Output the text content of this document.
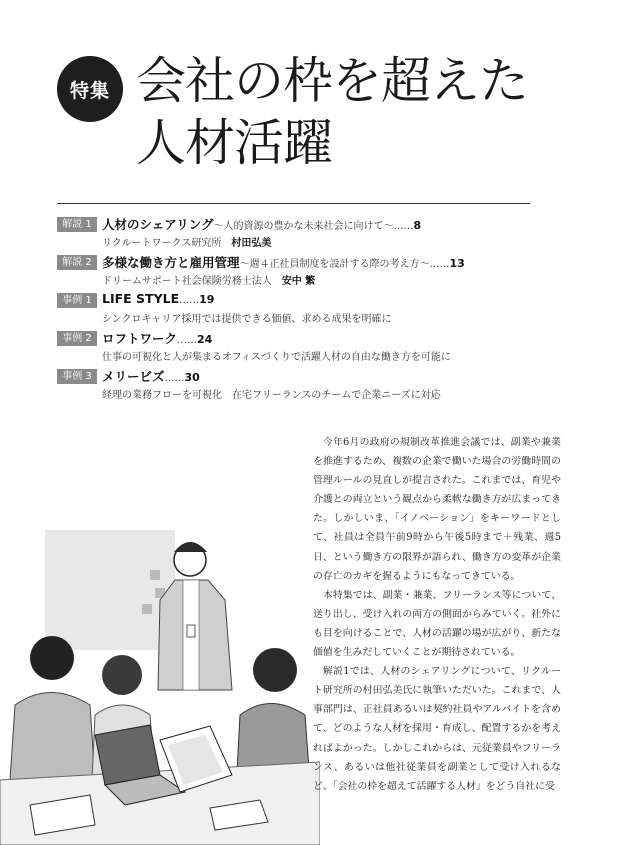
特集 会社の枠を超えた
人材活躍
解説 1 人材のシェアリング～人的資源の豊かな未来社会に向けて～……8
リクルートワークス研究所　 村田弘美
解説 2 多様な働き方と雇用管理～週４正社員制度を設計する際の考え方～……13
ドリームサポート社会保険労務士法人　 安中 繁
事例 1 LIFE STYLE……19
シンクロキャリア採用では提供できる価値、求める成果を明確に
事例 2 ロフトワーク……24
仕事の可視化と人が集まるオフィスづくりで活躍人材の自由な働き方を可能に
事例 3 メリービズ……30
経理の業務フローを可視化　在宅フリーランスのチームで企業ニーズに対応

今年6月の政府の規制改革推進会議では、副業や兼業を推進するため、複数の企業で働いた場合の労働時間の管理ルールの見直しが提言された。これまでは、育児や介護との両立という観点から柔軟な働き方が広まってきた。しかしいま、「イノベーション」をキーワードとして、社員は全員午前9時から午後5時まで＋残業、週5日、という働き方の限界が語られ、働き方の変革が企業の存亡のカギを握るようにもなってきている。

本特集では、副業・兼業、フリーランス等について、送り出し、受け入れの両方の側面からみていく。社外にも目を向けることで、人材の活躍の場が広がり、新たな価値を生みだしていくことが期待されている。

解説1では、人材のシェアリングについて、リクルート研究所の村田弘美氏に執筆いただいた。これまで、人事部門は、正社員あるいは契約社員やアルバイトを含めて、どのような人材を採用・育成し、配置するかを考えればよかった。しかしこれからは、元従業員やフリーランス、あるいは他社従業員を副業として受け入れるなど、「会社の枠を超えて活躍する人材」をどう自社に受
